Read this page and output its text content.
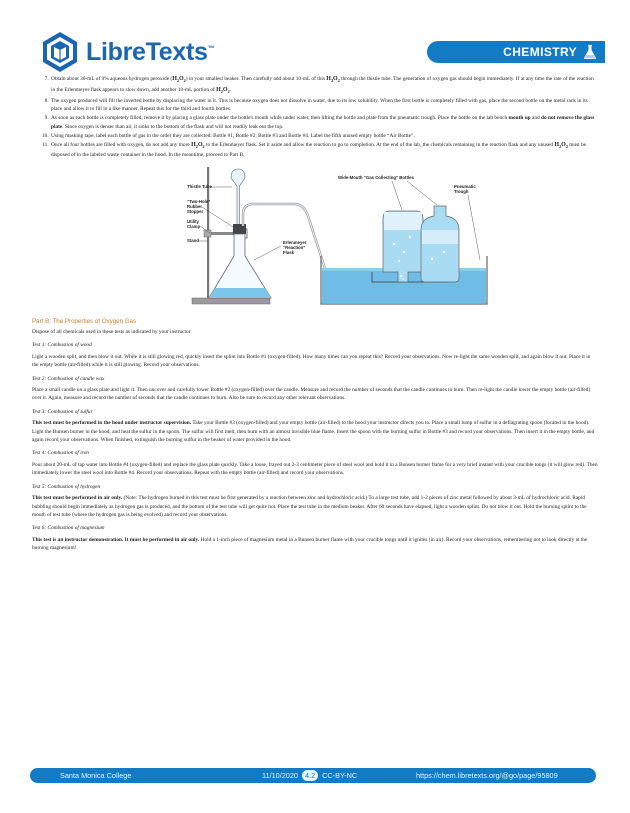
LibreTexts™	CHEMISTRY
7. Obtain about 30-mL of 9% aqueous hydrogen peroxide $(H_2O_2)$ in your smallest beaker. Then carefully add about 10-mL of this $H_2O_2$ through the thistle tube. The generation of oxygen gas should begin immediately. If at any time the rate of the reaction in the Erlenmeyer flask appears to slow down, add another 10-mL portion of $H_2O_2$.
8. The oxygen produced will fill the inverted bottle by displacing the water in it. This is because oxygen does not dissolve in water, due to its low solubility. When the first bottle is completely filled with gas, place the second bottle on the metal rack in its place and allow it to fill in a like manner. Repeat this for the third and fourth bottles.
9. As soon as each bottle is completely filled, remove it by placing a glass plate under the bottle's mouth while under water, then lifting the bottle and plate from the pneumatic trough. Place the bottle on the lab bench mouth up and do not remove the glass plate. Since oxygen is denser than air, it sinks to the bottom of the flask and will not readily leak out the top.
10. Using masking tape, label each bottle of gas in the order they are collected: Bottle #1, Bottle #2, Bottle #3 and Bottle #4. Label the fifth unused empty bottle “Air Bottle”.
11. Once all four bottles are filled with oxygen, do not add any more $H_2O_2$ to the Erlenmeyer flask. Set it aside and allow the reaction to go to completion. At the end of the lab, the chemicals remaining in the reaction flask and any unused $H_2O_2$ must be disposed of in the labeled waste container in the hood. In the meantime, proceed to Part B.
Thistle Tube
“Two-Hole”
Rubber
Stopper
Utility
Clamp
Stand	Erlenmeyer
“Reaction”
Flask
Wide-Mouth “Gas Collecting” Bottles
Pneumatic
Trough
Part B: The Properties of Oxygen Gas

Dispose of all chemicals used in these tests as indicated by your instructor

Test 1: Combustion of wood

Light a wooden split, and then blow it out. While it is still glowing red, quickly insert the splint into Bottle #1 (oxygen-filled). How many times can you repeat this? Record your observations. Now re-light the same wooden split, and again blow it out. Place it in the empty bottle (air-filled) while it is still glowing. Record your observations.

Test 2: Combustion of candle wax

Place a small candle on a glass plate and light it. Then uncover and carefully lower Bottle #2 (oxygen-filled) over the candle. Measure and record the number of seconds that the candle continues to burn. Then re-light the candle lower the empty bottle (air-filled) over it. Again, measure and record the number of seconds that the candle continues to burn. Also be sure to record any other relevant observations.

Test 3: Combustion of sulfur

This test must be performed in the hood under instructor supervision. Take your Bottle #3 (oxygen-filled) and your empty bottle (air-filled) to the hood your instructor directs you to. Place a small lump of sulfur in a deflagrating spoon (located in the hood). Light the Bunsen burner in the hood, and heat the sulfur in the spoon. The sulfur will first melt, then burn with an almost invisible blue flame. Insert the spoon with the burning sulfur in Bottle #3 and record your observations. Then insert it in the empty bottle, and again record your observations. When finished, extinguish the burning sulfur in the beaker of water provided in the hood.

Test 4: Combustion of iron

Pour about 20-mL of tap water into Bottle #4 (oxygen-filled) and replace the glass plate quickly. Take a loose, frayed out 2-3 centimeter piece of steel wool and hold it in a Bunsen burner flame for a very brief instant with your crucible tongs (it will glow red). Then immediately lower the steel wool into Bottle #4. Record your observations. Repeat with the empty bottle (air-filled) and record your observations.

Test 5: Combustion of hydrogen

This test must be performed in air only. (Note: The hydrogen burned in this test must be first generated by a reaction between zinc and hydrochloric acid.) To a large test tube, add 1-2 pieces of zinc metal followed by about 3-mL of hydrochloric acid. Rapid bubbling should begin immediately as hydrogen gas is produced, and the bottom of the test tube will get quite hot. Place the test tube in the medium beaker. After 60 seconds have elapsed, light a wooden splint. Do not blow it out. Hold the burning splint to the mouth of test tube (where the hydrogen gas is being evolved) and record your observations.

Test 6: Combustion of magnesium

This test is an instructor demonstration. It must be performed in air only. Hold a 1-inch piece of magnesium metal in a Bunsen burner flame with your crucible tongs until it ignites (in air). Record your observations, remembering not to look directly at the burning magnesium!

Santa Monica College	11/10/2020 4.2 CC-BY-NC	https://chem.libretexts.org/@go/page/95809
